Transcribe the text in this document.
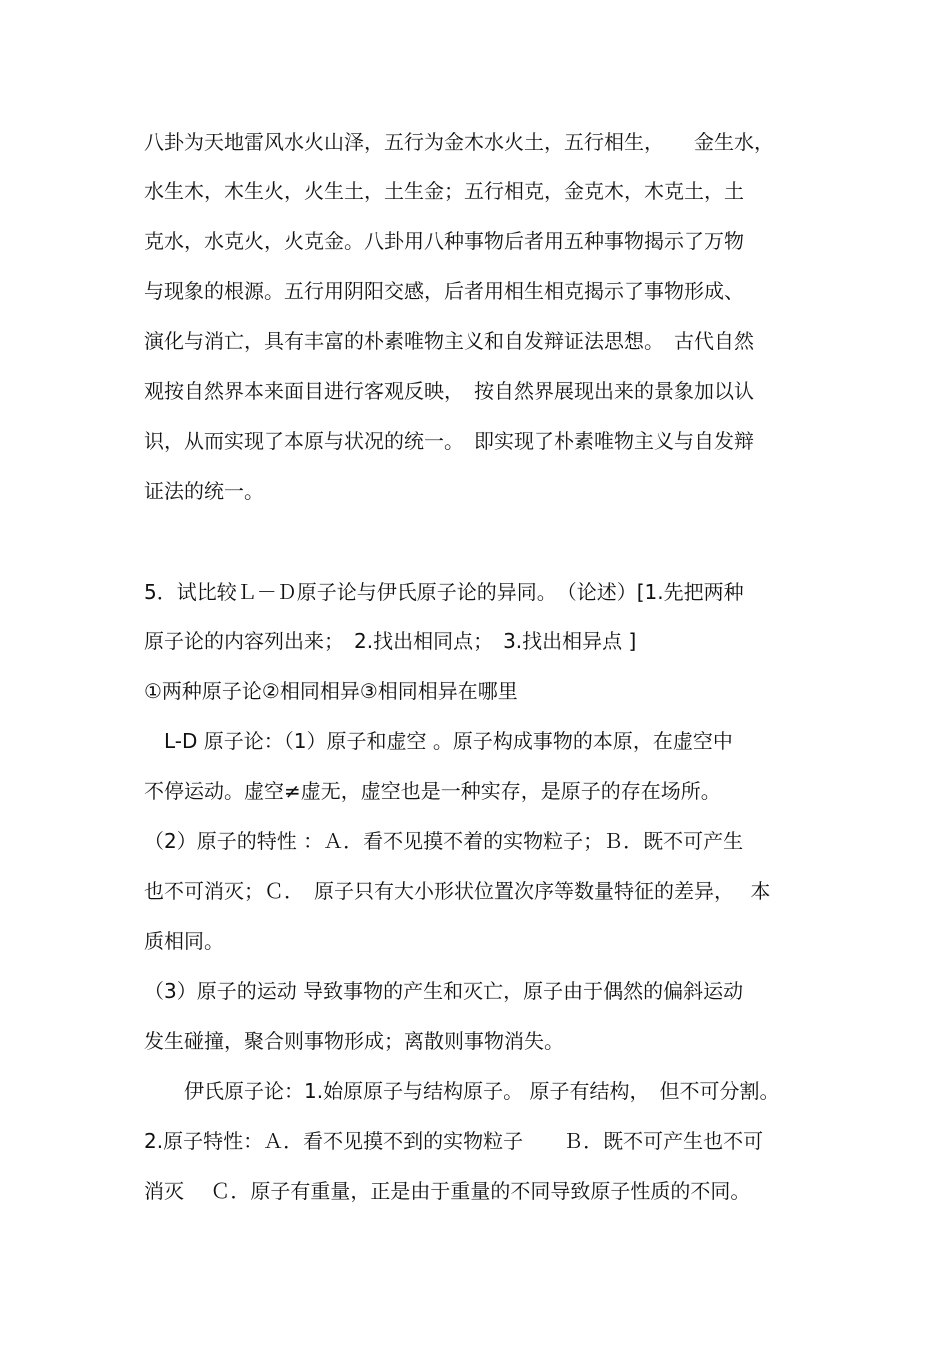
八卦为天地雷风水火山泽，五行为金木水火土，五行相生，　　金生水，
水生木，木生火，火生土，土生金；五行相克，金克木，木克土，土
克水，水克火，火克金。八卦用八种事物后者用五种事物揭示了万物
与现象的根源。五行用阴阳交感，后者用相生相克揭示了事物形成、
演化与消亡，具有丰富的朴素唯物主义和自发辩证法思想。　古代自然
观按自然界本来面目进行客观反映，　按自然界展现出来的景象加以认
识，从而实现了本原与状况的统一。　即实现了朴素唯物主义与自发辩
证法的统一。
5．试比较Ｌ－Ｄ原子论与伊氏原子论的异同。　（论述）[1.先把两种
原子论的内容列出来；　2.找出相同点；　3.找出相异点 ]
①两种原子论②相同相异③相同相异在哪里
　L-D 原子论：（1）原子和虚空 。原子构成事物的本原，在虚空中
不停运动。虚空≠虚无，虚空也是一种实存，是原子的存在场所。
（2）原子的特性 ：Ａ．看不见摸不着的实物粒子；Ｂ．既不可产生
也不可消灭；Ｃ．　原子只有大小形状位置次序等数量特征的差异，　 本
质相同。
（3）原子的运动 导致事物的产生和灭亡，原子由于偶然的偏斜运动
发生碰撞，聚合则事物形成；离散则事物消失。
　　伊氏原子论：1.始原原子与结构原子。 原子有结构，　但不可分割。
2.原子特性：Ａ．看不见摸不到的实物粒子　　Ｂ．既不可产生也不可
消灭　 Ｃ．原子有重量，正是由于重量的不同导致原子性质的不同。
